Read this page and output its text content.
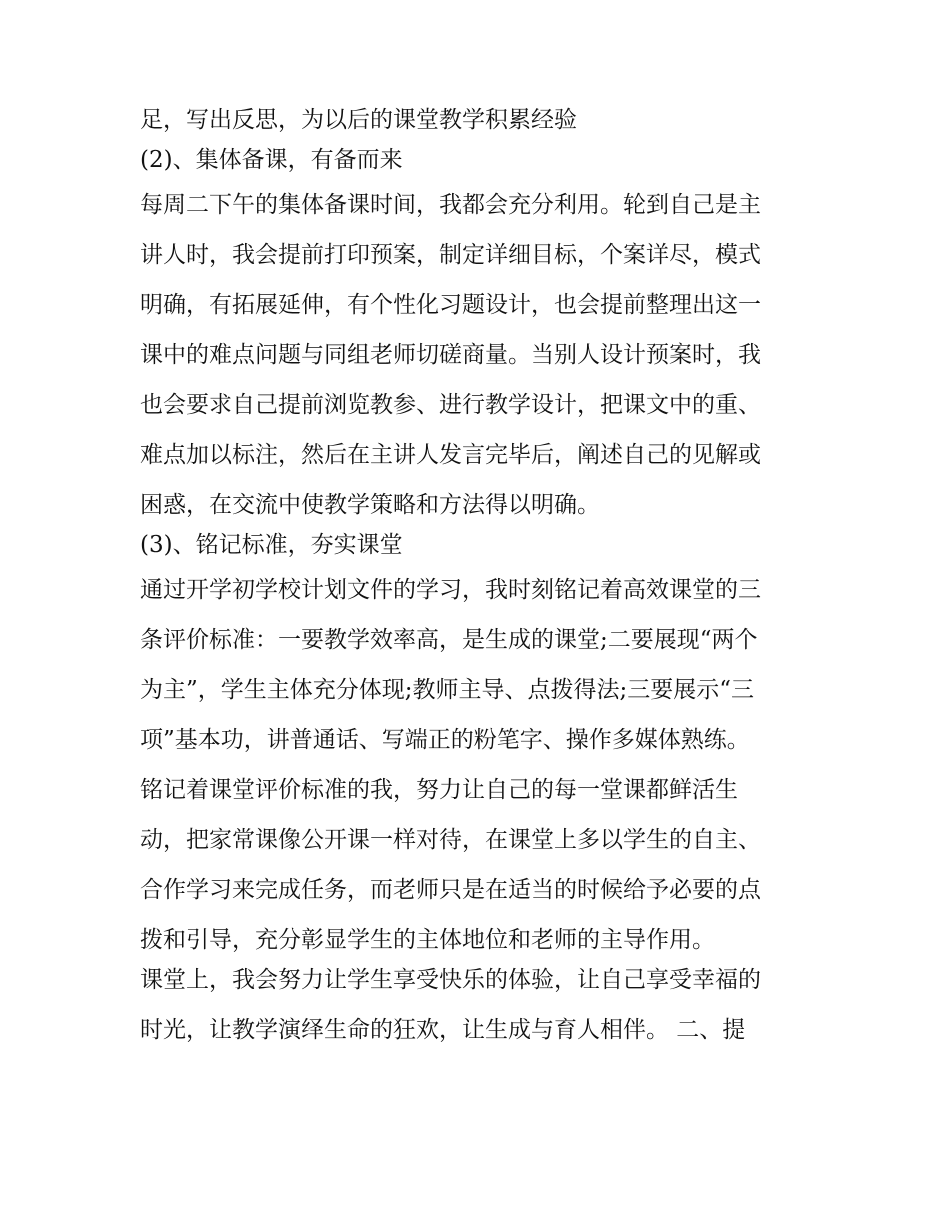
足，写出反思，为以后的课堂教学积累经验

(2)、集体备课，有备而来

每周二下午的集体备课时间，我都会充分利用。轮到自己是主

讲人时，我会提前打印预案，制定详细目标，个案详尽，模式

明确，有拓展延伸，有个性化习题设计，也会提前整理出这一

课中的难点问题与同组老师切磋商量。当别人设计预案时，我

也会要求自己提前浏览教参、进行教学设计，把课文中的重、

难点加以标注，然后在主讲人发言完毕后，阐述自己的见解或

困惑，在交流中使教学策略和方法得以明确。

(3)、铭记标准，夯实课堂

通过开学初学校计划文件的学习，我时刻铭记着高效课堂的三

条评价标准：一要教学效率高，是生成的课堂;二要展现“两个

为主”，学生主体充分体现;教师主导、点拨得法;三要展示“三

项”基本功，讲普通话、写端正的粉笔字、操作多媒体熟练。

铭记着课堂评价标准的我，努力让自己的每一堂课都鲜活生

动，把家常课像公开课一样对待，在课堂上多以学生的自主、

合作学习来完成任务，而老师只是在适当的时候给予必要的点

拨和引导，充分彰显学生的主体地位和老师的主导作用。

课堂上，我会努力让学生享受快乐的体验，让自己享受幸福的

时光，让教学演绎生命的狂欢，让生成与育人相伴。 二、提
